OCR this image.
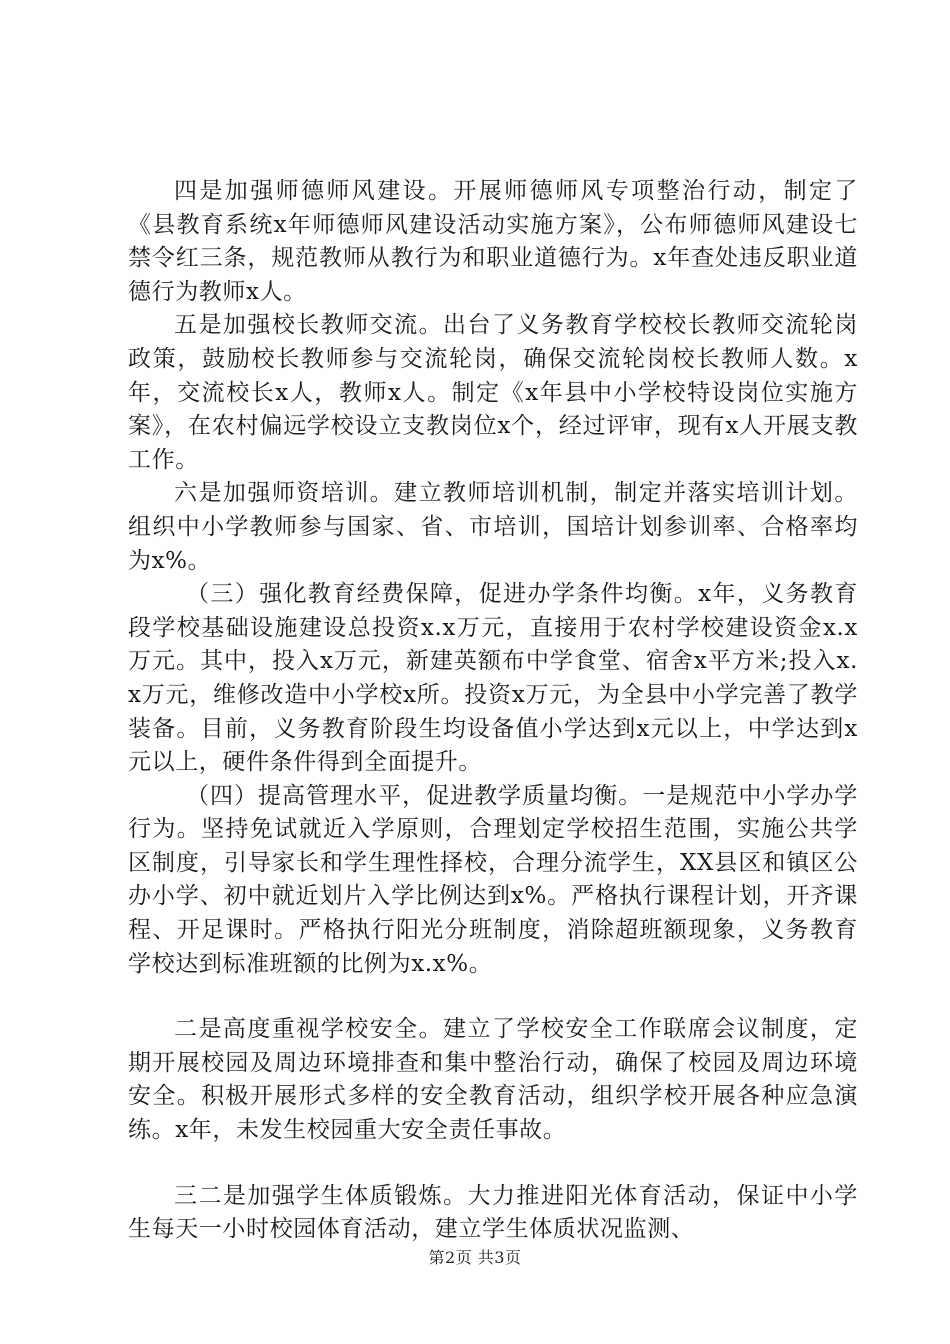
四是加强师德师风建设。开展师德师风专项整治行动，制定了《县教育系统x年师德师风建设活动实施方案》，公布师德师风建设七禁令红三条，规范教师从教行为和职业道德行为。x年查处违反职业道德行为教师x人。

五是加强校长教师交流。出台了义务教育学校校长教师交流轮岗政策，鼓励校长教师参与交流轮岗，确保交流轮岗校长教师人数。x年，交流校长x人，教师x人。制定《x年县中小学校特设岗位实施方案》，在农村偏远学校设立支教岗位x个，经过评审，现有x人开展支教工作。

六是加强师资培训。建立教师培训机制，制定并落实培训计划。组织中小学教师参与国家、省、市培训，国培计划参训率、合格率均为x%。

（三）强化教育经费保障，促进办学条件均衡。x年，义务教育段学校基础设施建设总投资x.x万元，直接用于农村学校建设资金x.x万元。其中，投入x万元，新建英额布中学食堂、宿舍x平方米;投入x.x万元，维修改造中小学校x所。投资x万元，为全县中小学完善了教学装备。目前，义务教育阶段生均设备值小学达到x元以上，中学达到x元以上，硬件条件得到全面提升。

（四）提高管理水平，促进教学质量均衡。一是规范中小学办学行为。坚持免试就近入学原则，合理划定学校招生范围，实施公共学区制度，引导家长和学生理性择校，合理分流学生，XX县区和镇区公办小学、初中就近划片入学比例达到x%。严格执行课程计划，开齐课程、开足课时。严格执行阳光分班制度，消除超班额现象，义务教育学校达到标准班额的比例为x.x%。

二是高度重视学校安全。建立了学校安全工作联席会议制度，定期开展校园及周边环境排查和集中整治行动，确保了校园及周边环境安全。积极开展形式多样的安全教育活动，组织学校开展各种应急演练。x年，未发生校园重大安全责任事故。

三二是加强学生体质锻炼。大力推进阳光体育活动，保证中小学生每天一小时校园体育活动，建立学生体质状况监测、

第2页 共3页
